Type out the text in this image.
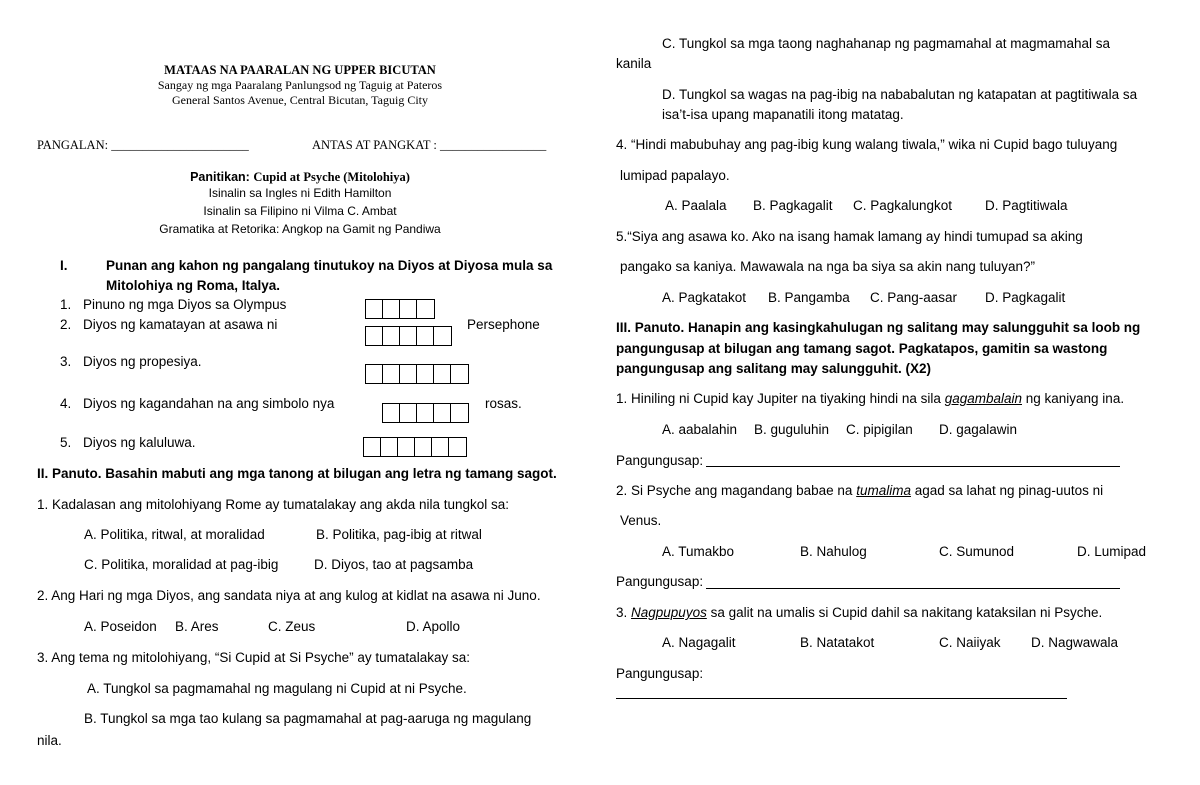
MATAAS NA PAARALAN NG UPPER BICUTAN
Sangay ng mga Paaralang Panlungsod ng Taguig at Pateros
General Santos Avenue, Central Bicutan, Taguig City
PANGALAN: ______________________	ANTAS AT PANGKAT : _________________
Panitikan: Cupid at Psyche (Mitolohiya)
Isinalin sa Ingles ni Edith Hamilton
Isinalin sa Filipino ni Vilma C. Ambat
Gramatika at Retorika: Angkop na Gamit ng Pandiwa
I.	Punan ang kahon ng pangalang tinutukoy na Diyos at Diyosa mula sa
Mitolohiya ng Roma, Italya.
1. Pinuno ng mga Diyos sa Olympus
2. Diyos ng kamatayan at asawa ni	Persephone
3. Diyos ng propesiya.
4. Diyos ng kagandahan na ang simbolo nya	rosas.
5. Diyos ng kaluluwa.
II. Panuto. Basahin mabuti ang mga tanong at bilugan ang letra ng tamang sagot.
1. Kadalasan ang mitolohiyang Rome ay tumatalakay ang akda nila tungkol sa:
A. Politika, ritwal, at moralidad	B. Politika, pag-ibig at ritwal
C. Politika, moralidad at pag-ibig	D. Diyos, tao at pagsamba
2. Ang Hari ng mga Diyos, ang sandata niya at ang kulog at kidlat na asawa ni Juno.
A. Poseidon B. Ares	C. Zeus	D. Apollo
3. Ang tema ng mitolohiyang, “Si Cupid at Si Psyche” ay tumatalakay sa:
A. Tungkol sa pagmamahal ng magulang ni Cupid at ni Psyche.
B. Tungkol sa mga tao kulang sa pagmamahal at pag-aaruga ng magulang
nila.
C. Tungkol sa mga taong naghahanap ng pagmamahal at magmamahal sa
kanila
D. Tungkol sa wagas na pag-ibig na nababalutan ng katapatan at pagtitiwala sa
isa’t-isa upang mapanatili itong matatag.
4. “Hindi mabubuhay ang pag-ibig kung walang tiwala,” wika ni Cupid bago tuluyang
lumipad papalayo.
A. Paalala B. Pagkagalit C. Pagkalungkot D. Pagtitiwala
5.“Siya ang asawa ko. Ako na isang hamak lamang ay hindi tumupad sa aking
pangako sa kaniya. Mawawala na nga ba siya sa akin nang tuluyan?”
A. Pagkatakot B. Pangamba C. Pang-aasar D. Pagkagalit
III. Panuto. Hanapin ang kasingkahulugan ng salitang may salungguhit sa loob ng
pangungusap at bilugan ang tamang sagot. Pagkatapos, gamitin sa wastong
pangungusap ang salitang may salungguhit. (X2)
1. Hiniling ni Cupid kay Jupiter na tiyaking hindi na sila gagambalain ng kaniyang ina.
A. aabalahin B. guguluhin C. pipigilan D. gagalawin
Pangungusap:
2. Si Psyche ang magandang babae na tumalima agad sa lahat ng pinag-uutos ni
Venus.
A. Tumakbo	B. Nahulog	C. Sumunod	D. Lumipad
Pangungusap:
3. Nagpupuyos sa galit na umalis si Cupid dahil sa nakitang kataksilan ni Psyche.
A. Nagagalit	B. Natatakot	C. Naiiyak D. Nagwawala
Pangungusap:
